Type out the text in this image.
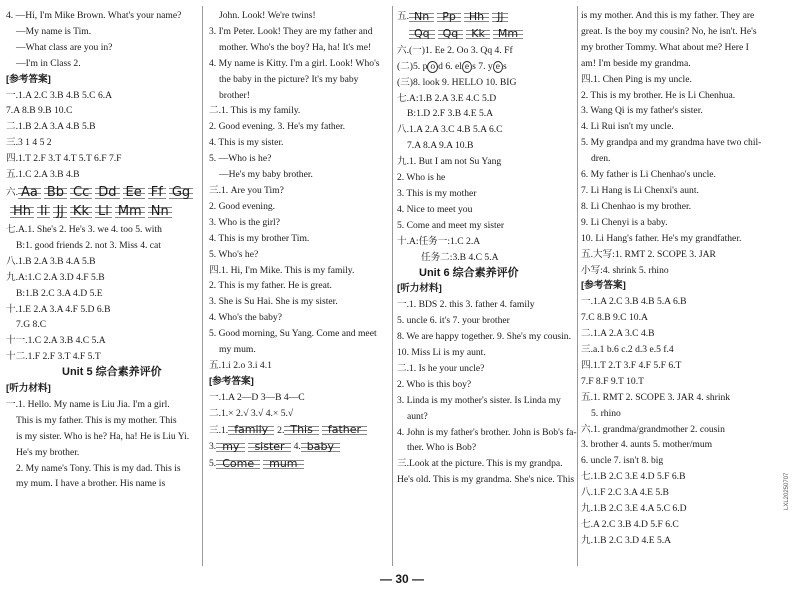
4. —Hi, I'm Mike Brown. What's your name?
—My name is Tim.
—What class are you in?
—I'm in Class 2.
[参考答案]
一.1.A 2.C 3.B 4.B 5.C 6.A
7.A 8.B 9.B 10.C
二.1.B 2.A 3.A 4.B 5.B
三.3 1 4 5 2
四.1.T 2.F 3.T 4.T 5.T 6.F 7.F
五.1.C 2.A 3.B 4.B
六. Aa Bb Cc Dd Ee Ff Gg
Hh Ii Jj Kk Ll Mm Nn
七.A.1. She's 2. He's 3. we 4. too 5. with
B:1. good friends 2. not 3. Miss 4. cat
八.1.B 2.A 3.B 4.A 5.B
九.A:1.C 2.A 3.D 4.F 5.B
B:1.B 2.C 3.A 4.D 5.E
十.1.E 2.A 3.A 4.F 5.D 6.B
7.G 8.C
十一.1.C 2.A 3.B 4.C 5.A
十二.1.F 2.F 3.T 4.F 5.T
Unit 5 综合素养评价
[听力材料]
一.1. Hello. My name is Liu Jia. I'm a girl.
This is my father. This is my mother. This
is my sister. Who is he? Ha, ha! He is Liu Yi.
He's my brother.
2. My name's Tony. This is my dad. This is
my mum. I have a brother. His name is
John. Look! We're twins!
3. I'm Peter. Look! They are my father and
mother. Who's the boy? Ha, ha! It's me!
4. My name is Kitty. I'm a girl. Look! Who's
the baby in the picture? It's my baby
brother!
二.1. This is my family.
2. Good evening. 3. He's my father.
4. This is my sister.
5. —Who is he?
—He's my baby brother.
三.1. Are you Tim?
2. Good evening.
3. Who is the girl?
4. This is my brother Tim.
5. Who's he?
四.1. Hi, I'm Mike. This is my family.
2. This is my father. He is great.
3. She is Su Hai. She is my sister.
4. Who's the baby?
5. Good morning, Su Yang. Come and meet
my mum.
五.1.i 2.o 3.i 4.1
[参考答案]
一.1.A 2—D 3—B 4—C
二.1.× 2.√ 3.√ 4.× 5.√
三.1. family 2. This father
3. my sister 4. baby
5. Come mum
五. Nn Pp Hh Jj
Qq Qq Kk Mm
六.(一)1. Ee 2. Oo 3. Qq 4. Ff
(二)5. p o d 6. el e s 7. y e s
(三)8. look 9. HELLO 10. BIG
七.A:1.B 2.A 3.E 4.C 5.D
B:1.D 2.F 3.B 4.E 5.A
八.1.A 2.A 3.C 4.B 5.A 6.C
7.A 8.A 9.A 10.B
九.1. But I am not Su Yang
2. Who is he
3. This is my mother
4. Nice to meet you
5. Come and meet my sister
十.A:任务一:1.C 2.A
任务二:3.B 4.C 5.A
Unit 6 综合素养评价
[听力材料]
一.1. BDS 2. this 3. father 4. family
5. uncle 6. it's 7. your brother
8. We are happy together. 9. She's my cousin.
10. Miss Li is my aunt.
二.1. Is he your uncle?
2. Who is this boy?
3. Linda is my mother's sister. Is Linda my
aunt?
4. John is my father's brother. John is Bob's fa-
ther. Who is Bob?
三.Look at the picture. This is my grandpa.
He's old. This is my grandma. She's nice. This
is my mother. And this is my father. They are
great. Is the boy my cousin? No, he isn't. He's
my brother Tommy. What about me? Here I
am! I'm beside my grandma.
四.1. Chen Ping is my uncle.
2. This is my brother. He is Li Chenhua.
3. Wang Qi is my father's sister.
4. Li Rui isn't my uncle.
5. My grandpa and my grandma have two chil-
dren.
6. My father is Li Chenhao's uncle.
7. Li Hang is Li Chenxi's aunt.
8. Li Chenhao is my brother.
9. Li Chenyi is a baby.
10. Li Hang's father. He's my grandfather.
五.大写:1. RMT 2. SCOPE 3. JAR
小写:4. shrink 5. rhino
[参考答案]
一.1.A 2.C 3.B 4.B 5.A 6.B
7.C 8.B 9.C 10.A
二.1.A 2.A 3.C 4.B
三.a.1 b.6 c.2 d.3 e.5 f.4
四.1.T 2.T 3.F 4.F 5.F 6.T
7.F 8.F 9.T 10.T
五.1. RMT 2. SCOPE 3. JAR 4. shrink
5. rhino
六.1. grandma/grandmother 2. cousin
3. brother 4. aunts 5. mother/mum
6. uncle 7. isn't 8. big
七.1.B 2.C 3.E 4.D 5.F 6.B
八.1.F 2.C 3.A 4.E 5.B
九.1.B 2.C 3.E 4.A 5.C 6.D
七.A 2.C 3.B 4.D 5.F 6.C
九.1.B 2.C 3.D 4.E 5.A
— 30 —
LXL20250707
